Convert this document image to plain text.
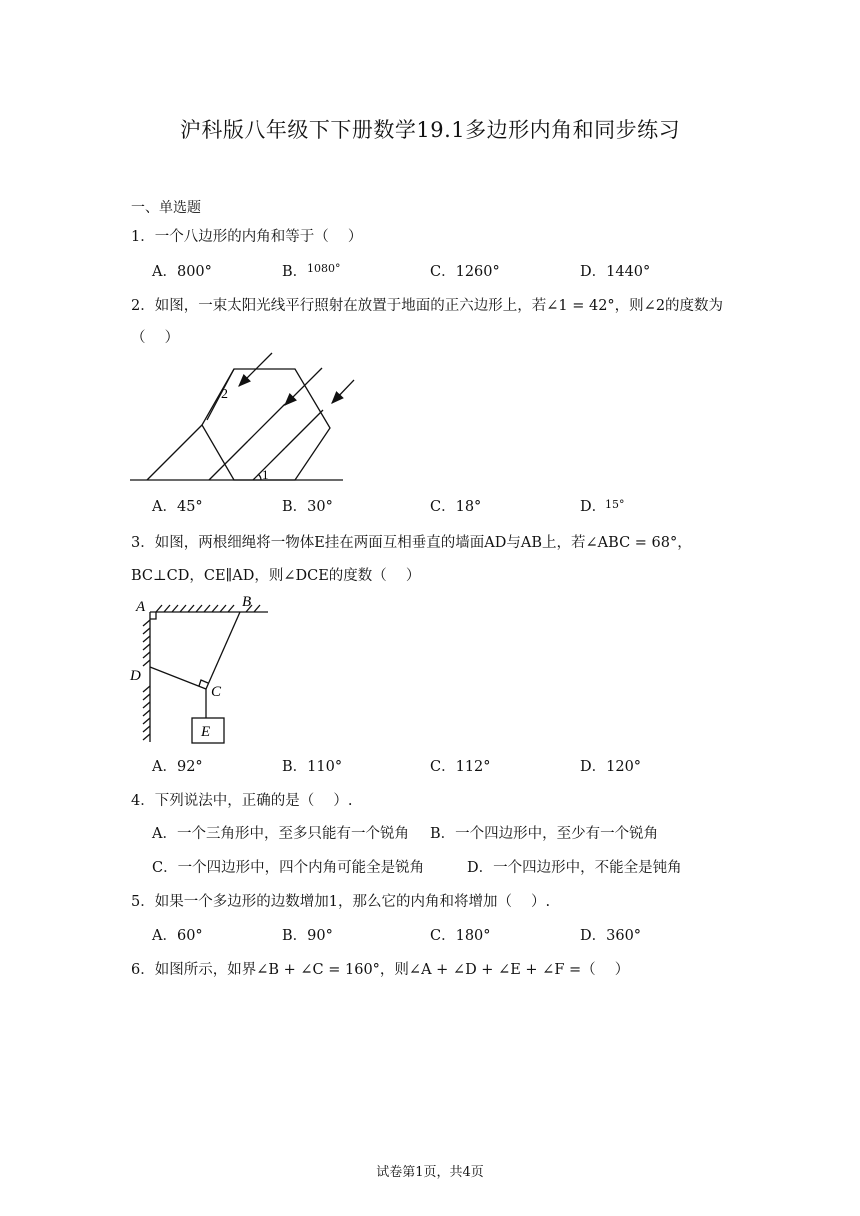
沪科版八年级下下册数学19.1多边形内角和同步练习
一、单选题
1．一个八边形的内角和等于（　 ）
A．800°	B． 1080°	C．1260°	D．1440°
2．如图，一束太阳光线平行照射在放置于地面的正六边形上，若∠1 = 42°，则∠2的度数为
（　 ）
2
1
A．45°	B．30°	C．18°	D．
15°
3．如图，两根细绳将一物体E挂在两面互相垂直的墙面AD与AB上，若∠ABC = 68°，
BC⊥CD，CE∥AD，则∠DCE的度数（　 ）
A	B
D
C
E
A．92°	B．110°	C．112°	D．120°
4．下列说法中，正确的是（　 ）.
A．一个三角形中，至多只能有一个锐角 B．一个四边形中，至少有一个锐角
C．一个四边形中，四个内角可能全是锐角	D．一个四边形中，不能全是钝角
5．如果一个多边形的边数增加1，那么它的内角和将增加（　 ）.
A．60°	B．90°	C．180°	D．360°
6．如图所示，如界∠B + ∠C = 160°，则∠A + ∠D + ∠E + ∠F =（　 ）
试卷第1页，共4页
